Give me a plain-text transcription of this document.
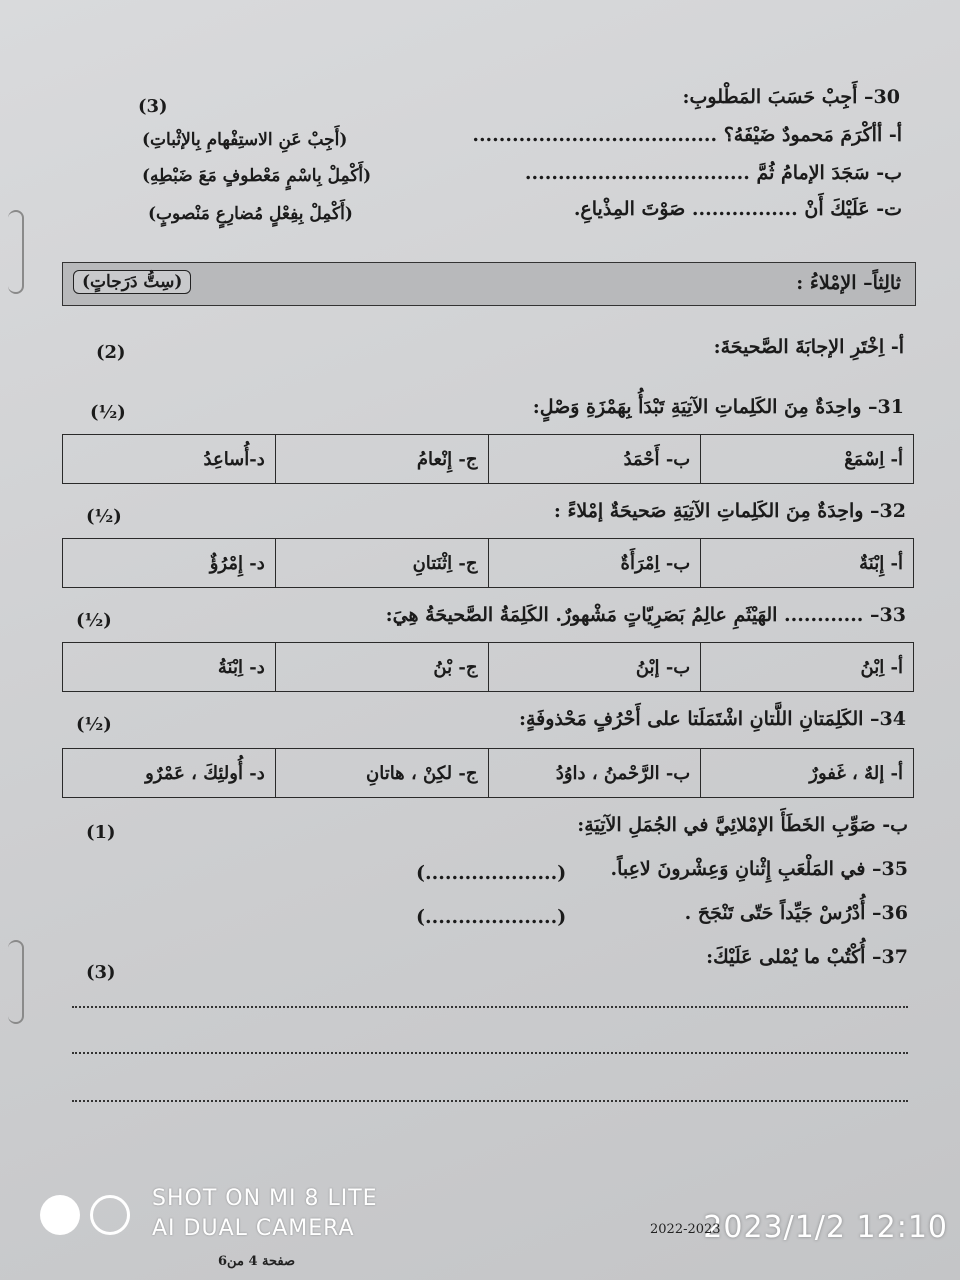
30– أَجِبْ حَسَبَ المَطْلوبِ:
(3)
أ- أأكْرَمَ مَحمودٌ ضَيْفَهُ؟ .....................................
(أَجِبْ عَنِ الاستِفْهامِ بِالإثْباتِ)
ب- سَجَدَ الإمامُ ثُمَّ ..................................
(أَكْمِلْ بِاسْمٍ مَعْطوفٍ مَعَ ضَبْطِهِ)
ت- عَلَيْكَ أَنْ ................ صَوْتَ المِذْياعِ.
(أَكْمِلْ بِفِعْلٍ مُضارِعٍ مَنْصوبٍ)
ثالِثاً– الإمْلاءُ :
(سِتُّ دَرَجاتٍ)
أ- اِخْتَرِ الإجابَةَ الصَّحيحَةَ:
(2)
31– واحِدَةٌ مِنَ الكَلِماتِ الآتِيَةِ تَبْدَأُ بِهَمْزَةِ وَصْلٍ:
(½)
أ- اِسْمَعْ
ب- أَحْمَدُ
ج- إِنْعامُ
د-أُساعِدُ
32– واحِدَةٌ مِنَ الكَلِماتِ الآتِيَةِ صَحيحَةٌ إمْلاءً :
(½)
أ- إِبْنَةٌ
ب- اِمْرَأَةٌ
ج- اِثْنَتانِ
د- إِمْرُؤٌ
33– ............ الهَيْثَمِ عالِمُ بَصَرِيّاتٍ مَشْهورٌ. الكَلِمَةُ الصَّحيحَةُ هِيَ:
(½)
أ- اِبْنُ
ب- إبْنُ
ج- بْنُ
د- اِبْنَةُ
34– الكَلِمَتانِ اللَّتانِ اشْتَمَلَتا على أَحْرُفٍ مَحْذوفَةٍ:
(½)
أ- إلهٌ ، غَفورٌ
ب- الرَّحْمنُ ، داوُدُ
ج- لكِنْ ، هاتانِ
د- أُولئِكَ ، عَمْرٌو
ب- صَوِّبِ الخَطَأَ الإمْلائِيَّ في الجُمَلِ الآتِيَةِ:
(1)
35– في المَلْعَبِ إِثْنانِ وَعِشْرونَ لاعِباً.
(....................)
36– أُدْرُسْ جَيِّداً حَتّى تَنْجَحَ .
(....................)
37– أُكْتُبْ ما يُمْلى عَلَيْكَ:
(3)
SHOT ON MI 8 LITE
AI DUAL CAMERA	2023/1/2 12:10
2022-2023
صفحة 4 من6
